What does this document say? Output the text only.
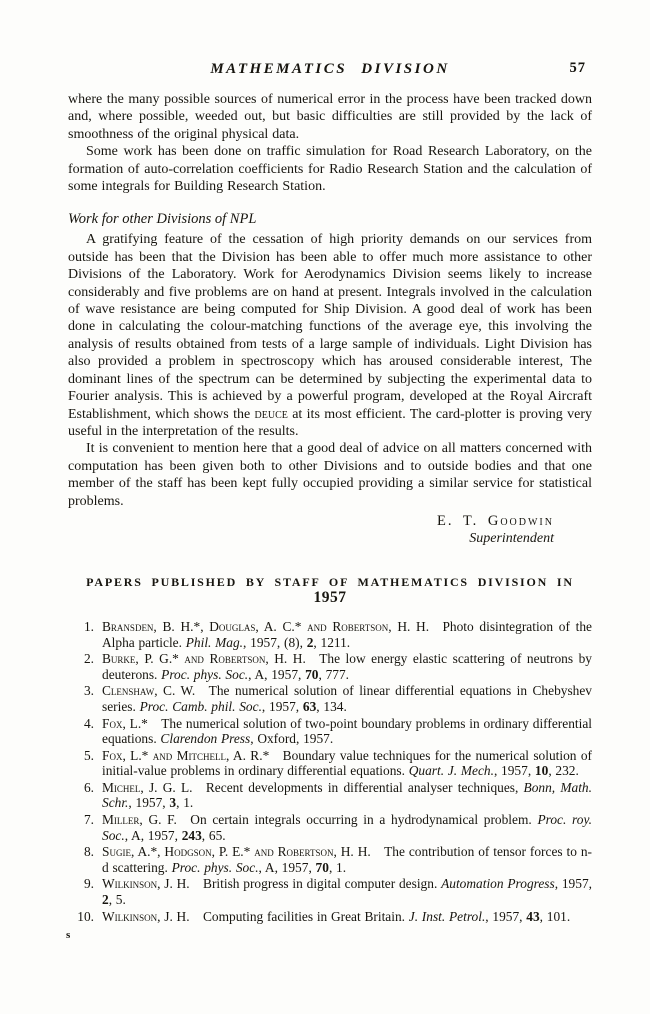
MATHEMATICS DIVISION	57

where the many possible sources of numerical error in the process have been tracked down and, where possible, weeded out, but basic difficulties are still provided by the lack of smoothness of the original physical data.

Some work has been done on traffic simulation for Road Research Laboratory, on the formation of auto-correlation coefficients for Radio Research Station and the calculation of some integrals for Building Research Station.

Work for other Divisions of NPL

A gratifying feature of the cessation of high priority demands on our services from outside has been that the Division has been able to offer much more assistance to other Divisions of the Laboratory. Work for Aerodynamics Division seems likely to increase considerably and five problems are on hand at present. Integrals involved in the calculation of wave resistance are being computed for Ship Division. A good deal of work has been done in calculating the colour-matching functions of the average eye, this involving the analysis of results obtained from tests of a large sample of individuals. Light Division has also provided a problem in spectroscopy which has aroused considerable interest, The dominant lines of the spectrum can be determined by subjecting the experimental data to Fourier analysis. This is achieved by a powerful program, developed at the Royal Aircraft Establishment, which shows the deuce at its most efficient. The card-plotter is proving very useful in the interpretation of the results.

It is convenient to mention here that a good deal of advice on all matters concerned with computation has been given both to other Divisions and to outside bodies and that one member of the staff has been kept fully occupied providing a similar service for statistical problems.

E. T. Goodwin
Superintendent
PAPERS PUBLISHED BY STAFF OF MATHEMATICS DIVISION IN 1957
1. Bransden, B. H.*, Douglas, A. C.* and Robertson, H. H. Photo disintegration of the Alpha particle. Phil. Mag., 1957, (8), 2, 1211.
2. Burke, P. G.* and Robertson, H. H. The low energy elastic scattering of neutrons by deuterons. Proc. phys. Soc., A, 1957, 70, 777.
3. Clenshaw, C. W. The numerical solution of linear differential equations in Chebyshev series. Proc. Camb. phil. Soc., 1957, 63, 134.
4. Fox, L.* The numerical solution of two-point boundary problems in ordinary differential equations. Clarendon Press, Oxford, 1957.
5. Fox, L.* and Mitchell, A. R.* Boundary value techniques for the numerical solution of initial-value problems in ordinary differential equations. Quart. J. Mech., 1957, 10, 232.
6. Michel, J. G. L. Recent developments in differential analyser techniques, Bonn, Math. Schr., 1957, 3, 1.
7. Miller, G. F. On certain integrals occurring in a hydrodynamical problem. Proc. roy. Soc., A, 1957, 243, 65.
8. Sugie, A.*, Hodgson, P. E.* and Robertson, H. H. The contribution of tensor forces to n-d scattering. Proc. phys. Soc., A, 1957, 70, 1.
9. Wilkinson, J. H. British progress in digital computer design. Automation Progress, 1957, 2, 5.
10. Wilkinson, J. H. Computing facilities in Great Britain. J. Inst. Petrol., 1957, 43, 101.
s
